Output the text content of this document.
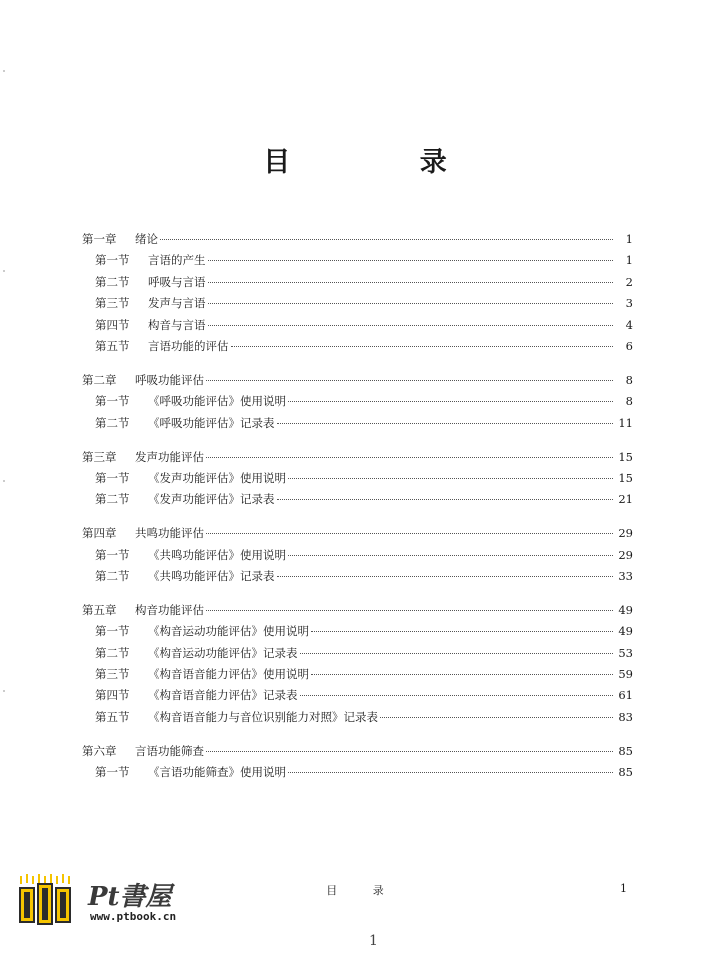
目 录
第一章	绪论	1
第一节	言语的产生	1
第二节	呼吸与言语	2
第三节	发声与言语	3
第四节	构音与言语	4
第五节	言语功能的评估	6
第二章	呼吸功能评估	8
第一节	《呼吸功能评估》使用说明	8
第二节	《呼吸功能评估》记录表	11
第三章	发声功能评估	15
第一节	《发声功能评估》使用说明	15
第二节	《发声功能评估》记录表	21
第四章	共鸣功能评估	29
第一节	《共鸣功能评估》使用说明	29
第二节	《共鸣功能评估》记录表	33
第五章	构音功能评估	49
第一节	《构音运动功能评估》使用说明	49
第二节	《构音运动功能评估》记录表	53
第三节	《构音语音能力评估》使用说明	59
第四节	《构音语音能力评估》记录表	61
第五节	《构音语音能力与音位识别能力对照》记录表	83
第六章	言语功能筛查	85
第一节	《言语功能筛查》使用说明	85
Pt書屋
www.ptbook.cn
目 录	1
1
